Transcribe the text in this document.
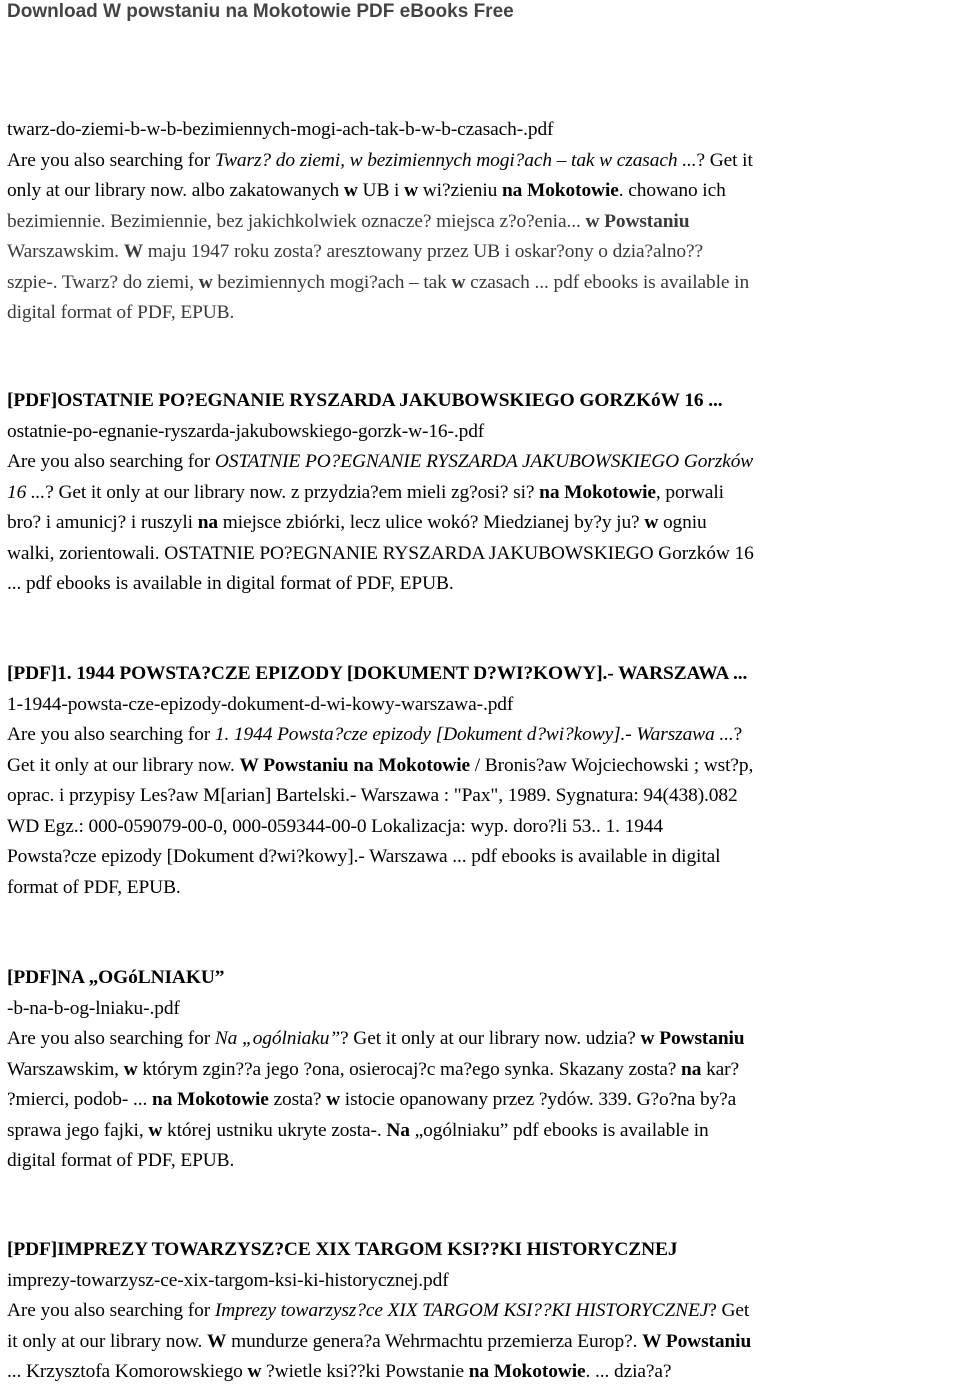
Download W powstaniu na Mokotowie PDF eBooks Free
twarz-do-ziemi-b-w-b-bezimiennych-mogi-ach-tak-b-w-b-czasach-.pdf
Are you also searching for Twarz? do ziemi, w bezimiennych mogi?ach – tak w czasach ...? Get it
only at our library now. albo zakatowanych w UB i w wi?zieniu na Mokotowie. chowano ich
bezimiennie. Bezimiennie, bez jakichkolwiek oznacze? miejsca z?o?enia... w Powstaniu
Warszawskim. W maju 1947 roku zosta? aresztowany przez UB i oskar?ony o dzia?alno??
szpie-. Twarz? do ziemi, w bezimiennych mogi?ach – tak w czasach ... pdf ebooks is available in
digital format of PDF, EPUB.
[PDF]OSTATNIE PO?EGNANIE RYSZARDA JAKUBOWSKIEGO GORZKóW 16 ...
ostatnie-po-egnanie-ryszarda-jakubowskiego-gorzk-w-16-.pdf
Are you also searching for OSTATNIE PO?EGNANIE RYSZARDA JAKUBOWSKIEGO Gorzków
16 ...? Get it only at our library now. z przydzia?em mieli zg?osi? si? na Mokotowie, porwali
bro? i amunicj? i ruszyli na miejsce zbiórki, lecz ulice wokó? Miedzianej by?y ju? w ogniu
walki, zorientowali. OSTATNIE PO?EGNANIE RYSZARDA JAKUBOWSKIEGO Gorzków 16
... pdf ebooks is available in digital format of PDF, EPUB.
[PDF]1. 1944 POWSTA?CZE EPIZODY [DOKUMENT D?WI?KOWY].- WARSZAWA ...
1-1944-powsta-cze-epizody-dokument-d-wi-kowy-warszawa-.pdf
Are you also searching for 1. 1944 Powsta?cze epizody [Dokument d?wi?kowy].- Warszawa ...?
Get it only at our library now. W Powstaniu na Mokotowie / Bronis?aw Wojciechowski ; wst?p,
oprac. i przypisy Les?aw M[arian] Bartelski.- Warszawa : "Pax", 1989. Sygnatura: 94(438).082
WD Egz.: 000-059079-00-0, 000-059344-00-0 Lokalizacja: wyp. doro?li 53.. 1. 1944
Powsta?cze epizody [Dokument d?wi?kowy].- Warszawa ... pdf ebooks is available in digital
format of PDF, EPUB.
[PDF]NA „OGóLNIAKU”
-b-na-b-og-lniaku-.pdf
Are you also searching for Na „ogólniaku”? Get it only at our library now. udzia? w Powstaniu
Warszawskim, w którym zgin??a jego ?ona, osierocaj?c ma?ego synka. Skazany zosta? na kar?
?mierci, podob- ... na Mokotowie zosta? w istocie opanowany przez ?ydów. 339. G?o?na by?a
sprawa jego fajki, w której ustniku ukryte zosta-. Na „ogólniaku” pdf ebooks is available in
digital format of PDF, EPUB.
[PDF]IMPREZY TOWARZYSZ?CE XIX TARGOM KSI??KI HISTORYCZNEJ
imprezy-towarzysz-ce-xix-targom-ksi-ki-historycznej.pdf
Are you also searching for Imprezy towarzysz?ce XIX TARGOM KSI??KI HISTORYCZNEJ? Get
it only at our library now. W mundurze genera?a Wehrmachtu przemierza Europ?. W Powstaniu
... Krzysztofa Komorowskiego w ?wietle ksi??ki Powstanie na Mokotowie. ... dzia?a?
